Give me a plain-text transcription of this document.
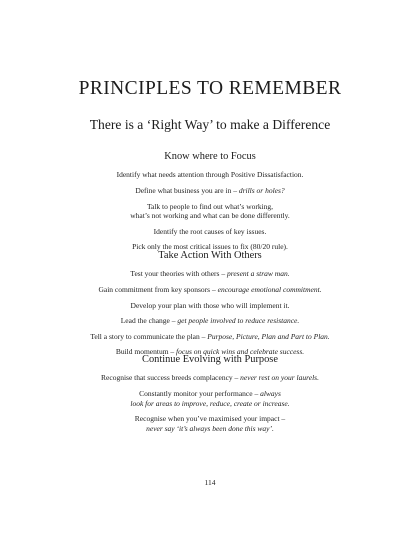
PRINCIPLES TO REMEMBER
There is a ‘Right Way’ to make a Difference
Know where to Focus
Identify what needs attention through Positive Dissatisfaction.
Define what business you are in – drills or holes?
Talk to people to find out what’s working,
what’s not working and what can be done differently.
Identify the root causes of key issues.
Pick only the most critical issues to fix (80/20 rule).
Take Action With Others
Test your theories with others – present a straw man.
Gain commitment from key sponsors – encourage emotional commitment.
Develop your plan with those who will implement it.
Lead the change – get people involved to reduce resistance.
Tell a story to communicate the plan – Purpose, Picture, Plan and Part to Plan.
Build momentum – focus on quick wins and celebrate success.
Continue Evolving with Purpose
Recognise that success breeds complacency – never rest on your laurels.
Constantly monitor your performance – always
look for areas to improve, reduce, create or increase.
Recognise when you’ve maximised your impact –
never say ‘it’s always been done this way’.
114
